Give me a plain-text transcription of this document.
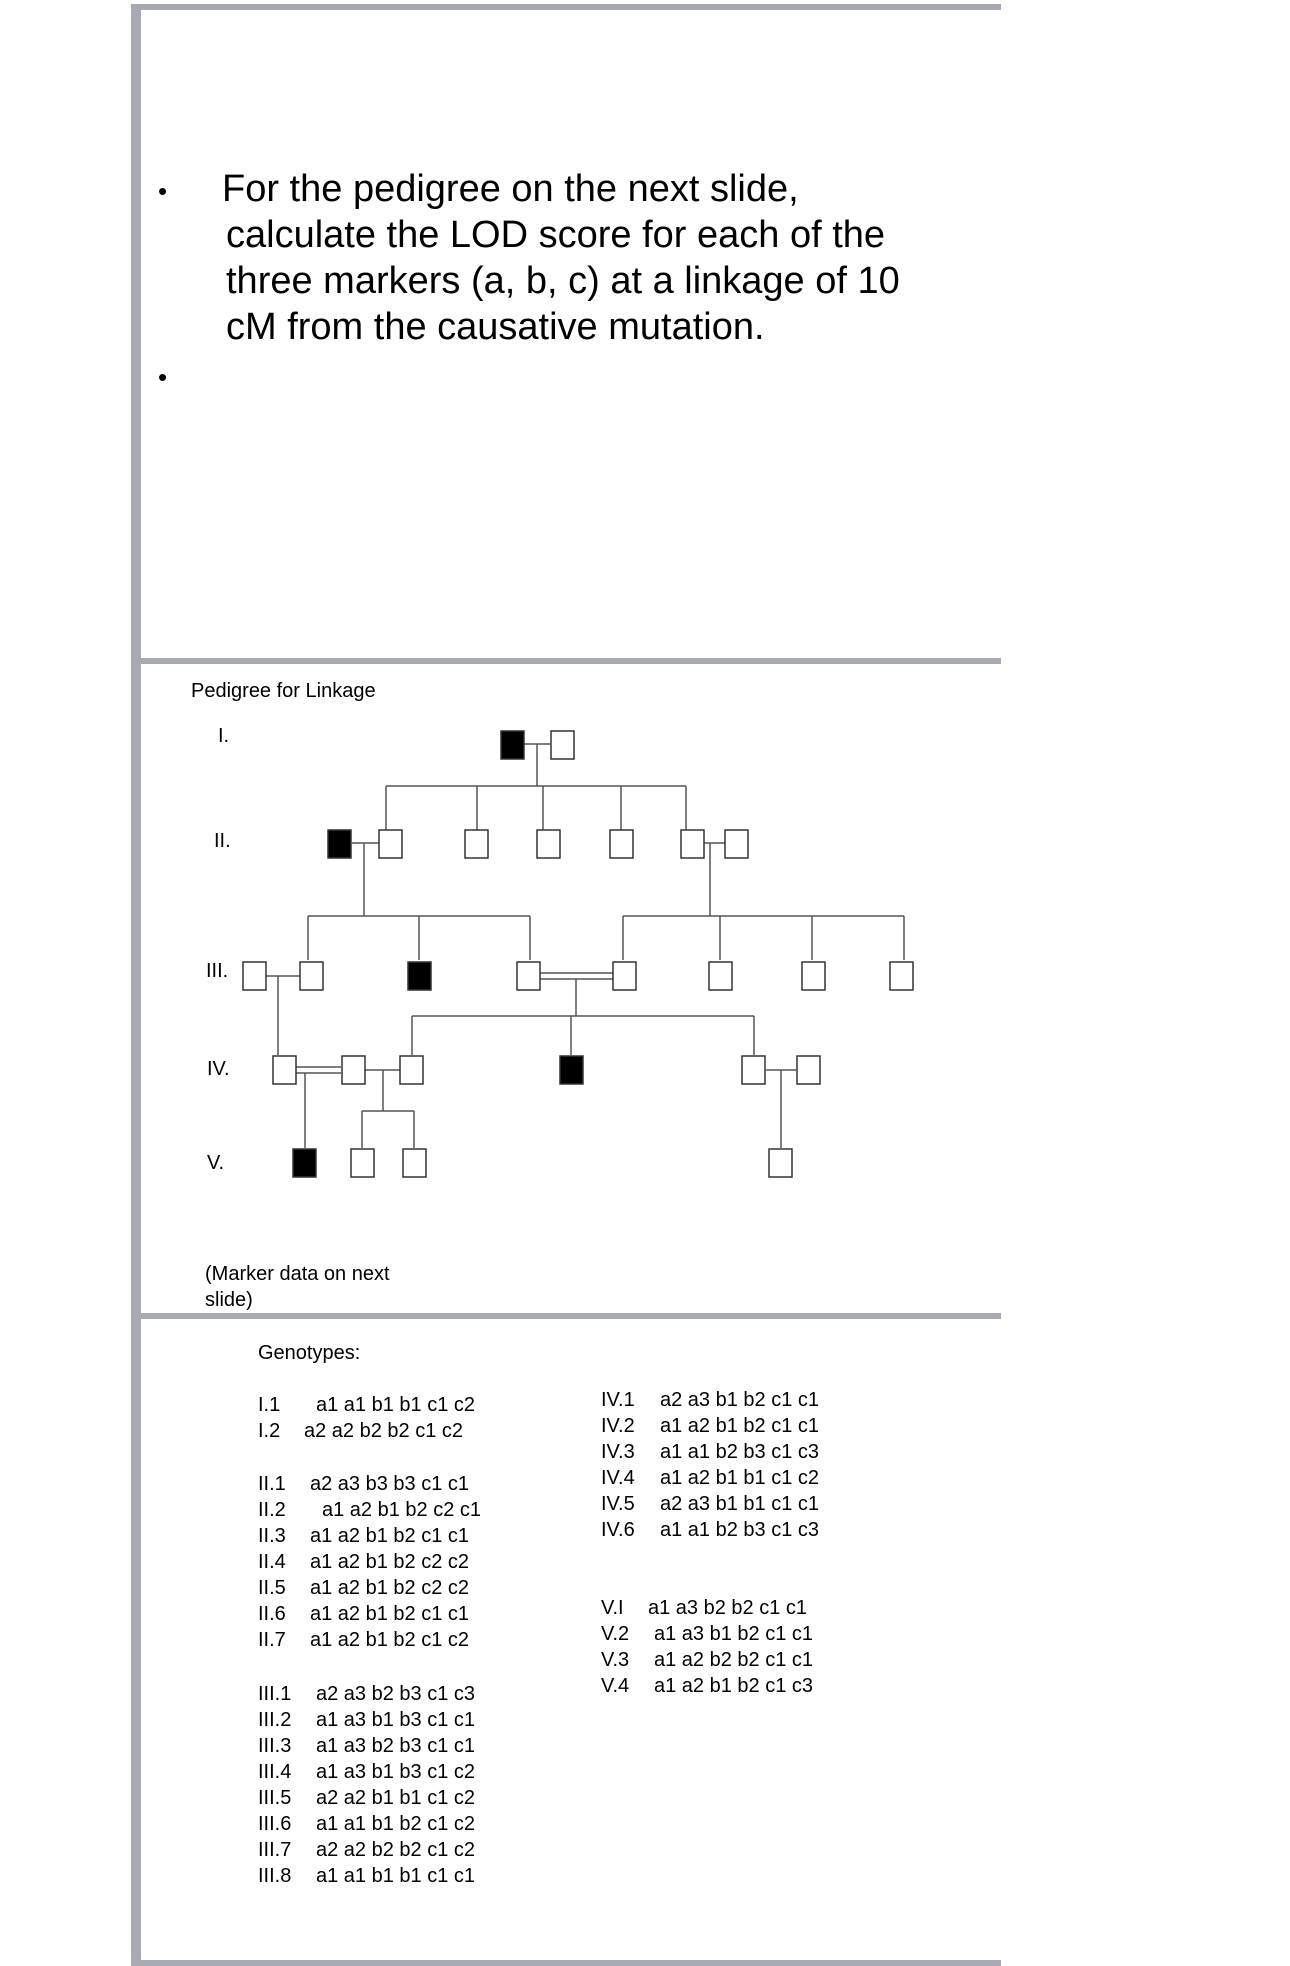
• For the pedigree on the next slide,
calculate the LOD score for each of the
three markers (a, b, c) at a linkage of 10
cM from the causative mutation.
•
Pedigree for Linkage
I.
II.
III.
IV.
V.
(Marker data on next
slide)
Genotypes:
I.1 a1 a1 b1 b1 c1 c2
I.2 a2 a2 b2 b2 c1 c2
II.1 a2 a3 b3 b3 c1 c1
II.2 a1 a2 b1 b2 c2 c1
II.3 a1 a2 b1 b2 c1 c1
II.4 a1 a2 b1 b2 c2 c2
II.5 a1 a2 b1 b2 c2 c2
II.6 a1 a2 b1 b2 c1 c1
II.7 a1 a2 b1 b2 c1 c2
III.1 a2 a3 b2 b3 c1 c3
III.2 a1 a3 b1 b3 c1 c1
III.3 a1 a3 b2 b3 c1 c1
III.4 a1 a3 b1 b3 c1 c2
III.5 a2 a2 b1 b1 c1 c2
III.6 a1 a1 b1 b2 c1 c2
III.7 a2 a2 b2 b2 c1 c2
III.8 a1 a1 b1 b1 c1 c1
IV.1 a2 a3 b1 b2 c1 c1
IV.2 a1 a2 b1 b2 c1 c1
IV.3 a1 a1 b2 b3 c1 c3
IV.4 a1 a2 b1 b1 c1 c2
IV.5 a2 a3 b1 b1 c1 c1
IV.6 a1 a1 b2 b3 c1 c3
V.I a1 a3 b2 b2 c1 c1
V.2 a1 a3 b1 b2 c1 c1
V.3 a1 a2 b2 b2 c1 c1
V.4 a1 a2 b1 b2 c1 c3
